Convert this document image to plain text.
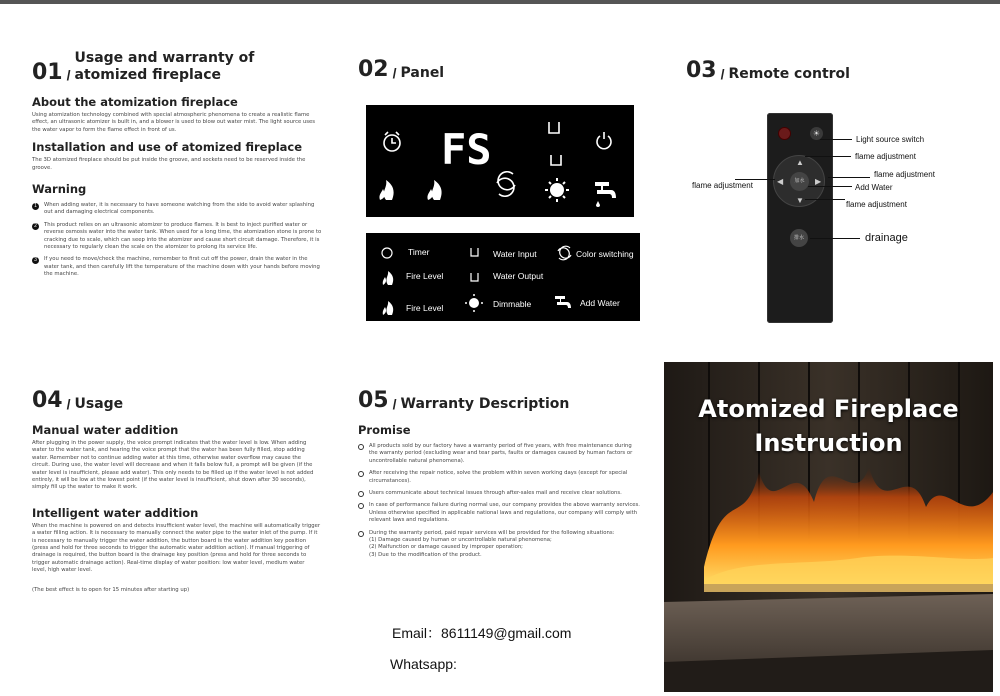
01 /Usage and warranty of
atomized fireplace
About the atomization fireplace
Using atomization technology combined with special atmospheric phenomena to create a realistic flame effect, an ultrasonic atomizer is built in, and a blower is used to blow out water mist. The light source uses the water vapor to form the flame effect in front of us.
Installation and use of atomized fireplace
The 3D atomized fireplace should be put inside the groove, and sockets need to be reserved inside the groove.
Warning
1	When adding water, it is necessary to have someone watching from the side to avoid water splashing out and damaging electrical components.
2	This product relies on an ultrasonic atomizer to produce flames. It is best to inject purified water or reverse osmosis water into the water tank. When used for a long time, the atomization stone is prone to cracking due to scale, which can seep into the atomizer and cause short circuit damage. Therefore, it is necessary to regularly clean the scale on the atomizer to prolong its service life.
3	If you need to move/check the machine, remember to first cut off the power, drain the water in the water tank, and then carefully lift the temperature of the machine down with your hands before moving the machine.
02 / Panel
FS
Timer
Fire Level
Fire Level
Water Input
Water Output
Dimmable
Color switching
Add Water
03 / Remote control
☀
▲
▼
◀	▶
加水
排水
Light source switch
flame adjustment
flame adjustment
flame adjustment	Add Water
flame adjustment
drainage
04 / Usage
Manual water addition
After plugging in the power supply, the voice prompt indicates that the water level is low. When adding water to the water tank, and hearing the voice prompt that the water has been fully filled, stop adding water. Remember not to continue adding water at this time, otherwise water overflow may cause the circuit. During use, the water level will decrease and when it falls below full, a prompt will be given (if the water level is insufficient, please add water). This only needs to be filled up if the water level is not added entirely, it will be low at the lowest point (if the water level is insufficient, shut down after 30 seconds), simply fill up the water to make it work.
Intelligent water addition
When the machine is powered on and detects insufficient water level, the machine will automatically trigger a water filling action. It is necessary to manually connect the water pipe to the water inlet of the pump. If it is necessary to manually trigger the water addition, the button board is the water addition key position (press and hold for three seconds to trigger the automatic water addition action). If manual triggering of drainage is required, the button board is the drainage key position (press and hold for three seconds to trigger automatic drainage action). Real-time display of water position: low water level, medium water level, high water level.
(The best effect is to open for 15 minutes after starting up)
05 / Warranty Description
Promise
All products sold by our factory have a warranty period of five years, with free maintenance during the warranty period (excluding wear and tear parts, faults or damages caused by human factors or uncontrollable natural phenomena).
After receiving the repair notice, solve the problem within seven working days (except for special circumstances).
Users communicate about technical issues through after-sales mail and receive clear solutions.
In case of performance failure during normal use, our company provides the above warranty services. Unless otherwise specified in applicable national laws and regulations, our company will comply with relevant laws and regulations.
During the warranty period, paid repair services will be provided for the following situations:
(1) Damage caused by human or uncontrollable natural phenomena;
(2) Malfunction or damage caused by improper operation;
(3) Due to the modification of the product.
Email：8611149@gmail.com
Whatsapp:
Atomized Fireplace
Instruction
